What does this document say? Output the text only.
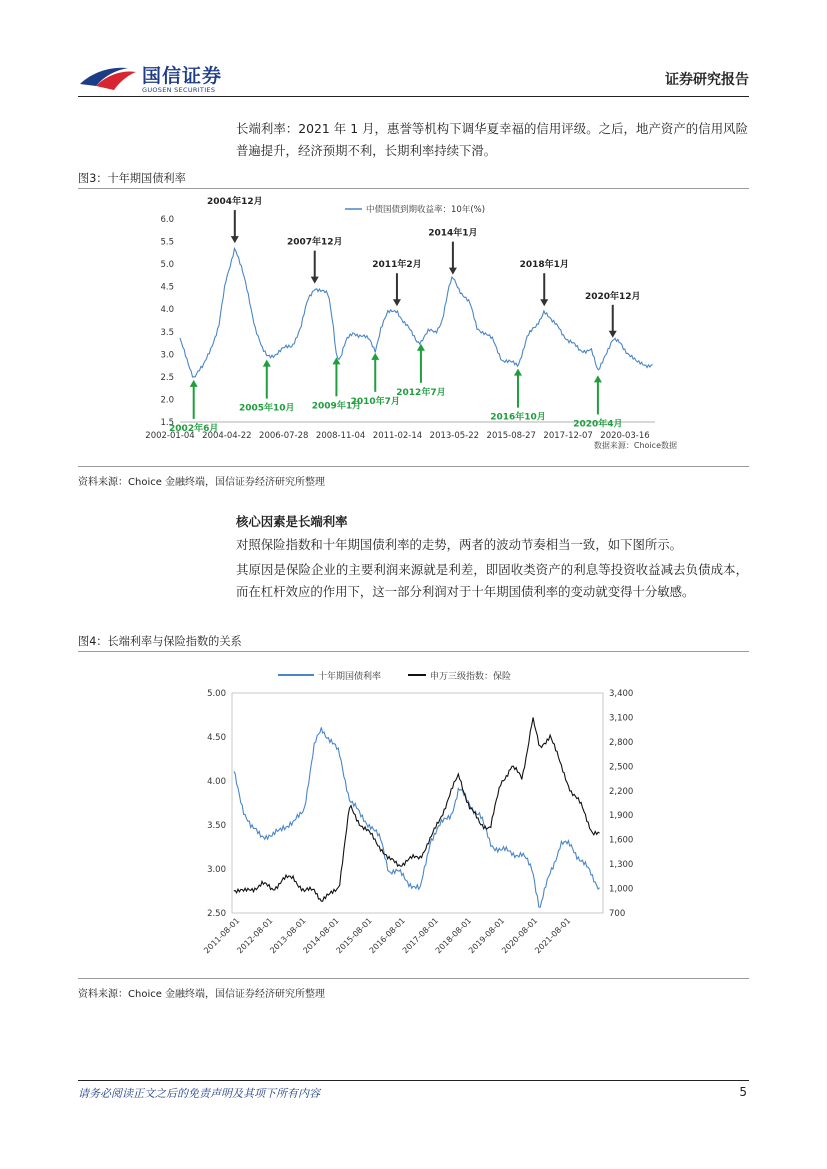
国信证券
GUOSEN SECURITIES
证券研究报告
长端利率：2021 年 1 月，惠誉等机构下调华夏幸福的信用评级。之后，地产资产的信用风险普遍提升，经济预期不利，长期利率持续下滑。
图3：十年期国债利率
1.5
2.0
2.5
3.0
3.5
4.0
4.5
5.0
5.5
6.0
2002-01-04 2004-04-22 2006-07-28 2008-11-04 2011-02-14 2013-05-22 2015-08-27 2017-12-07 2020-03-16
中债国债到期收益率：10年(%)
2004年12月
2007年12月
2011年2月
2014年1月
2018年1月
2020年12月
2002年6月
2005年10月 2009年1月
2010年7月
2012年7月
2016年10月
2020年4月
数据来源：Choice数据
资料来源：Choice 金融终端，国信证券经济研究所整理
核心因素是长端利率
对照保险指数和十年期国债利率的走势，两者的波动节奏相当一致，如下图所示。
其原因是保险企业的主要利润来源就是利差，即固收类资产的利息等投资收益减去负债成本，而在杠杆效应的作用下，这一部分利润对于十年期国债利率的变动就变得十分敏感。
图4：长端利率与保险指数的关系
十年期国债利率	申万三级指数：保险
5.00
4.50
4.00
3.50
3.00
2.50
3,400
3,100
2,800
2,500
2,200
1,900
1,600
1,300
1,000
700
2011-08-01
2012-08-01
2013-08-01
2014-08-01
2015-08-01
2016-08-01
2017-08-01
2018-08-01
2019-08-01
2020-08-01
2021-08-01
资料来源：Choice 金融终端，国信证券经济研究所整理
请务必阅读正文之后的免责声明及其项下所有内容	5
